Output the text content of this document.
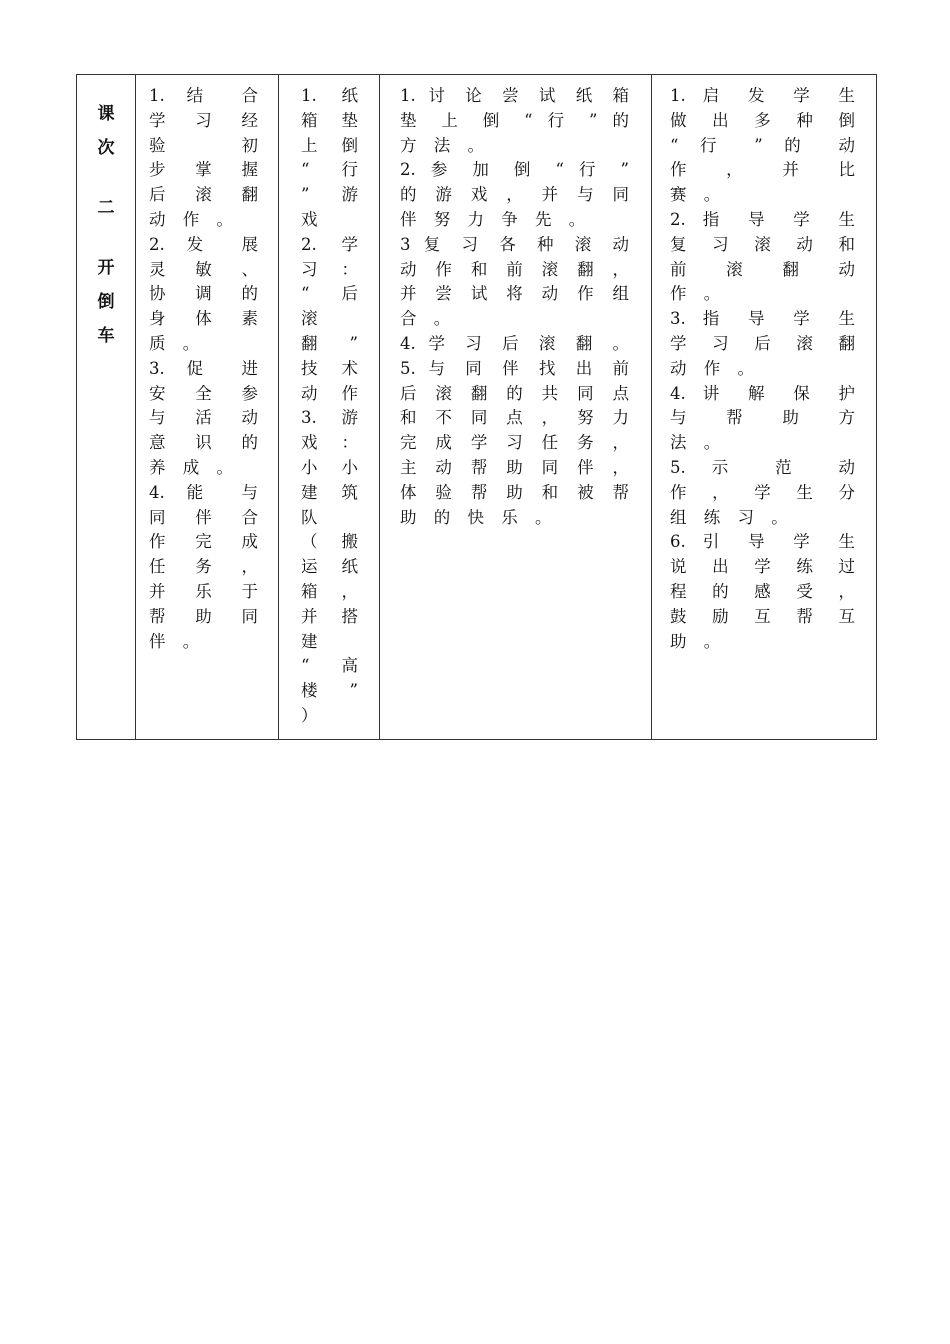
课
次
二
开
倒
车

1. 结 合
学 习 经
验 初
步 掌 握
后 滚 翻
动 作 。
2. 发 展
灵 敏 、
协 调 的
身 体 素
质 。
3. 促 进
安 全 参
与 活 动
意 识 的
养 成 。
4. 能 与
同 伴 合
作 完 成
任 务 ，
并 乐 于
帮 助 同
伴 。

1. 纸
箱 垫
上 倒
“ 行
” 游
戏
2. 学
习 ：
“ 后
滚
翻 ”
技 术
动 作
3. 游
戏 ：
小 小
建 筑
队
（ 搬
运 纸
箱 ，
并 搭
建
“ 高
楼 ”
）

1. 讨 论 尝 试 纸 箱
垫 上 倒 “ 行 ” 的
方 法 。
2. 参 加 倒 “ 行 ”
的 游 戏 ， 并 与 同
伴 努 力 争 先 。
3 复 习 各 种 滚 动
动 作 和 前 滚 翻 ，
并 尝 试 将 动 作 组
合 。
4. 学 习 后 滚 翻 。
5. 与 同 伴 找 出 前
后 滚 翻 的 共 同 点
和 不 同 点 ， 努 力
完 成 学 习 任 务 ，
主 动 帮 助 同 伴 ，
体 验 帮 助 和 被 帮
助 的 快 乐 。

1. 启 发 学 生
做 出 多 种 倒
“ 行 ” 的 动
作 ， 并 比
赛 。
2. 指 导 学 生
复 习 滚 动 和
前 滚 翻 动
作 。
3. 指 导 学 生
学 习 后 滚 翻
动 作 。
4. 讲 解 保 护
与 帮 助 方
法 。
5. 示 范 动
作 ， 学 生 分
组 练 习 。
6. 引 导 学 生
说 出 学 练 过
程 的 感 受 ，
鼓 励 互 帮 互
助 。
